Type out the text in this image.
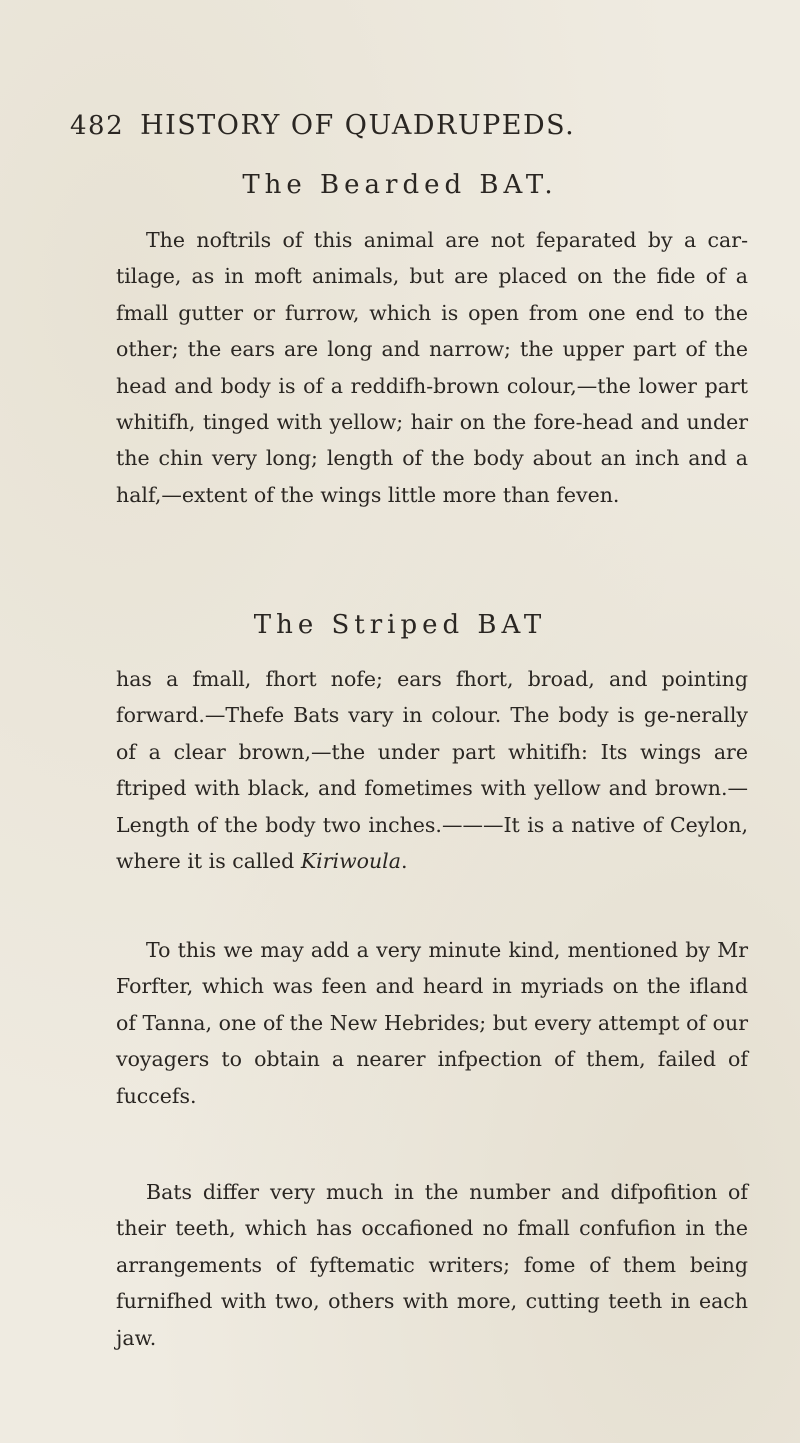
482 HISTORY OF QUADRUPEDS.
The Bearded BAT.

The noftrils of this animal are not feparated by a car-tilage, as in moft animals, but are placed on the fide of a fmall gutter or furrow, which is open from one end to the other; the ears are long and narrow; the upper part of the head and body is of a reddifh-brown colour,—the lower part whitifh, tinged with yellow; hair on the fore-head and under the chin very long; length of the body about an inch and a half,—extent of the wings little more than feven.

The Striped BAT

has a fmall, fhort nofe; ears fhort, broad, and pointing forward.—Thefe Bats vary in colour. The body is ge-nerally of a clear brown,—the under part whitifh: Its wings are ftriped with black, and fometimes with yellow and brown.—Length of the body two inches.———It is a native of Ceylon, where it is called Kiriwoula.

To this we may add a very minute kind, mentioned by Mr Forfter, which was feen and heard in myriads on the ifland of Tanna, one of the New Hebrides; but every attempt of our voyagers to obtain a nearer infpection of them, failed of fuccefs.

Bats differ very much in the number and difpofition of their teeth, which has occafioned no fmall confufion in the arrangements of fyftematic writers; fome of them being furnifhed with two, others with more, cutting teeth in each jaw.
